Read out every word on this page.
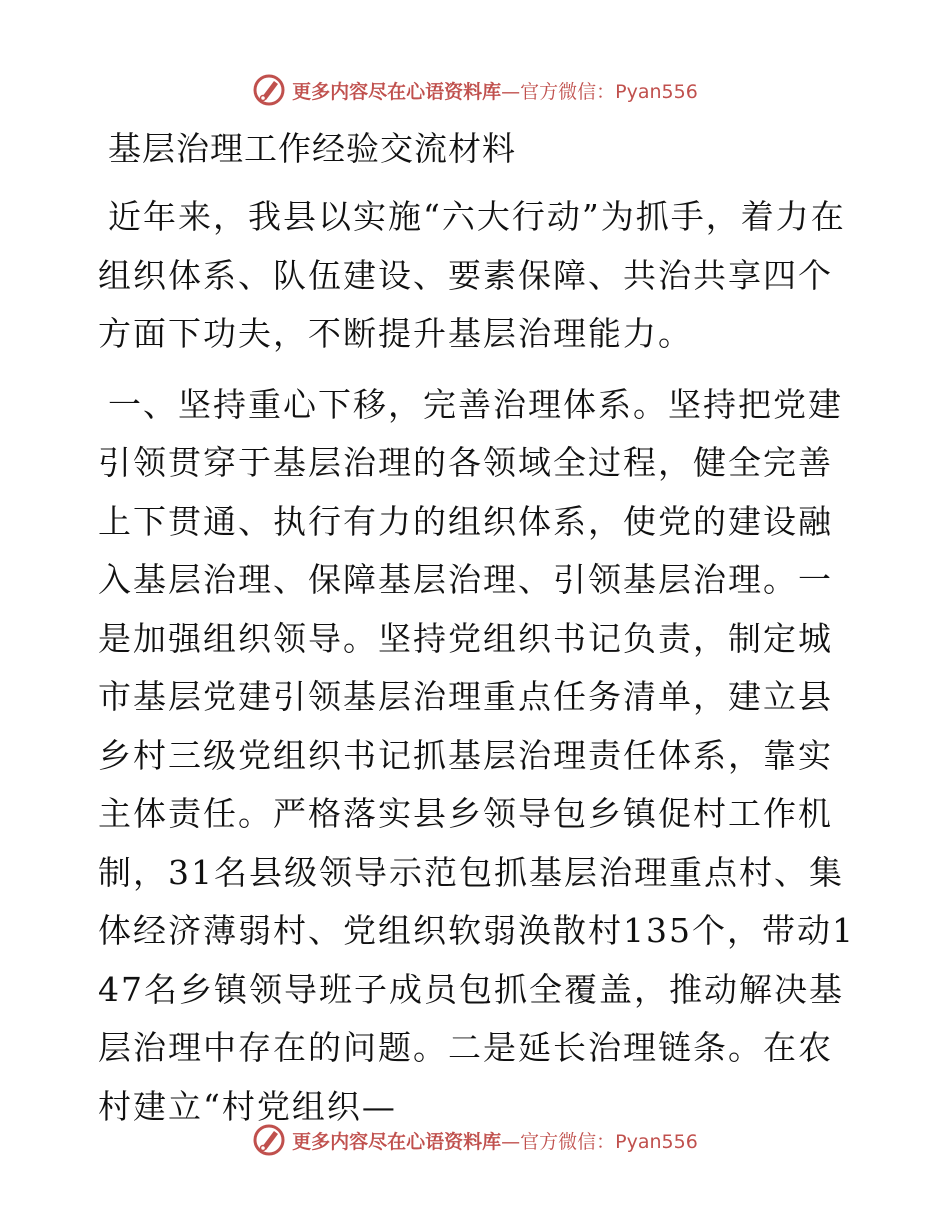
更多内容尽在心语资料库—官方微信：Pyan556
基层治理工作经验交流材料

近年来，我县以实施“六大行动”为抓手，着力在组织体系、队伍建设、要素保障、共治共享四个方面下功夫，不断提升基层治理能力。

一、坚持重心下移，完善治理体系。坚持把党建引领贯穿于基层治理的各领域全过程，健全完善上下贯通、执行有力的组织体系，使党的建设融入基层治理、保障基层治理、引领基层治理。一是加强组织领导。坚持党组织书记负责，制定城市基层党建引领基层治理重点任务清单，建立县乡村三级党组织书记抓基层治理责任体系，靠实主体责任。严格落实县乡领导包乡镇促村工作机制，31名县级领导示范包抓基层治理重点村、集体经济薄弱村、党组织软弱涣散村135个，带动147名乡镇领导班子成员包抓全覆盖，推动解决基层治理中存在的问题。二是延长治理链条。在农村建立“村党组织—

更多内容尽在心语资料库—官方微信：Pyan556
